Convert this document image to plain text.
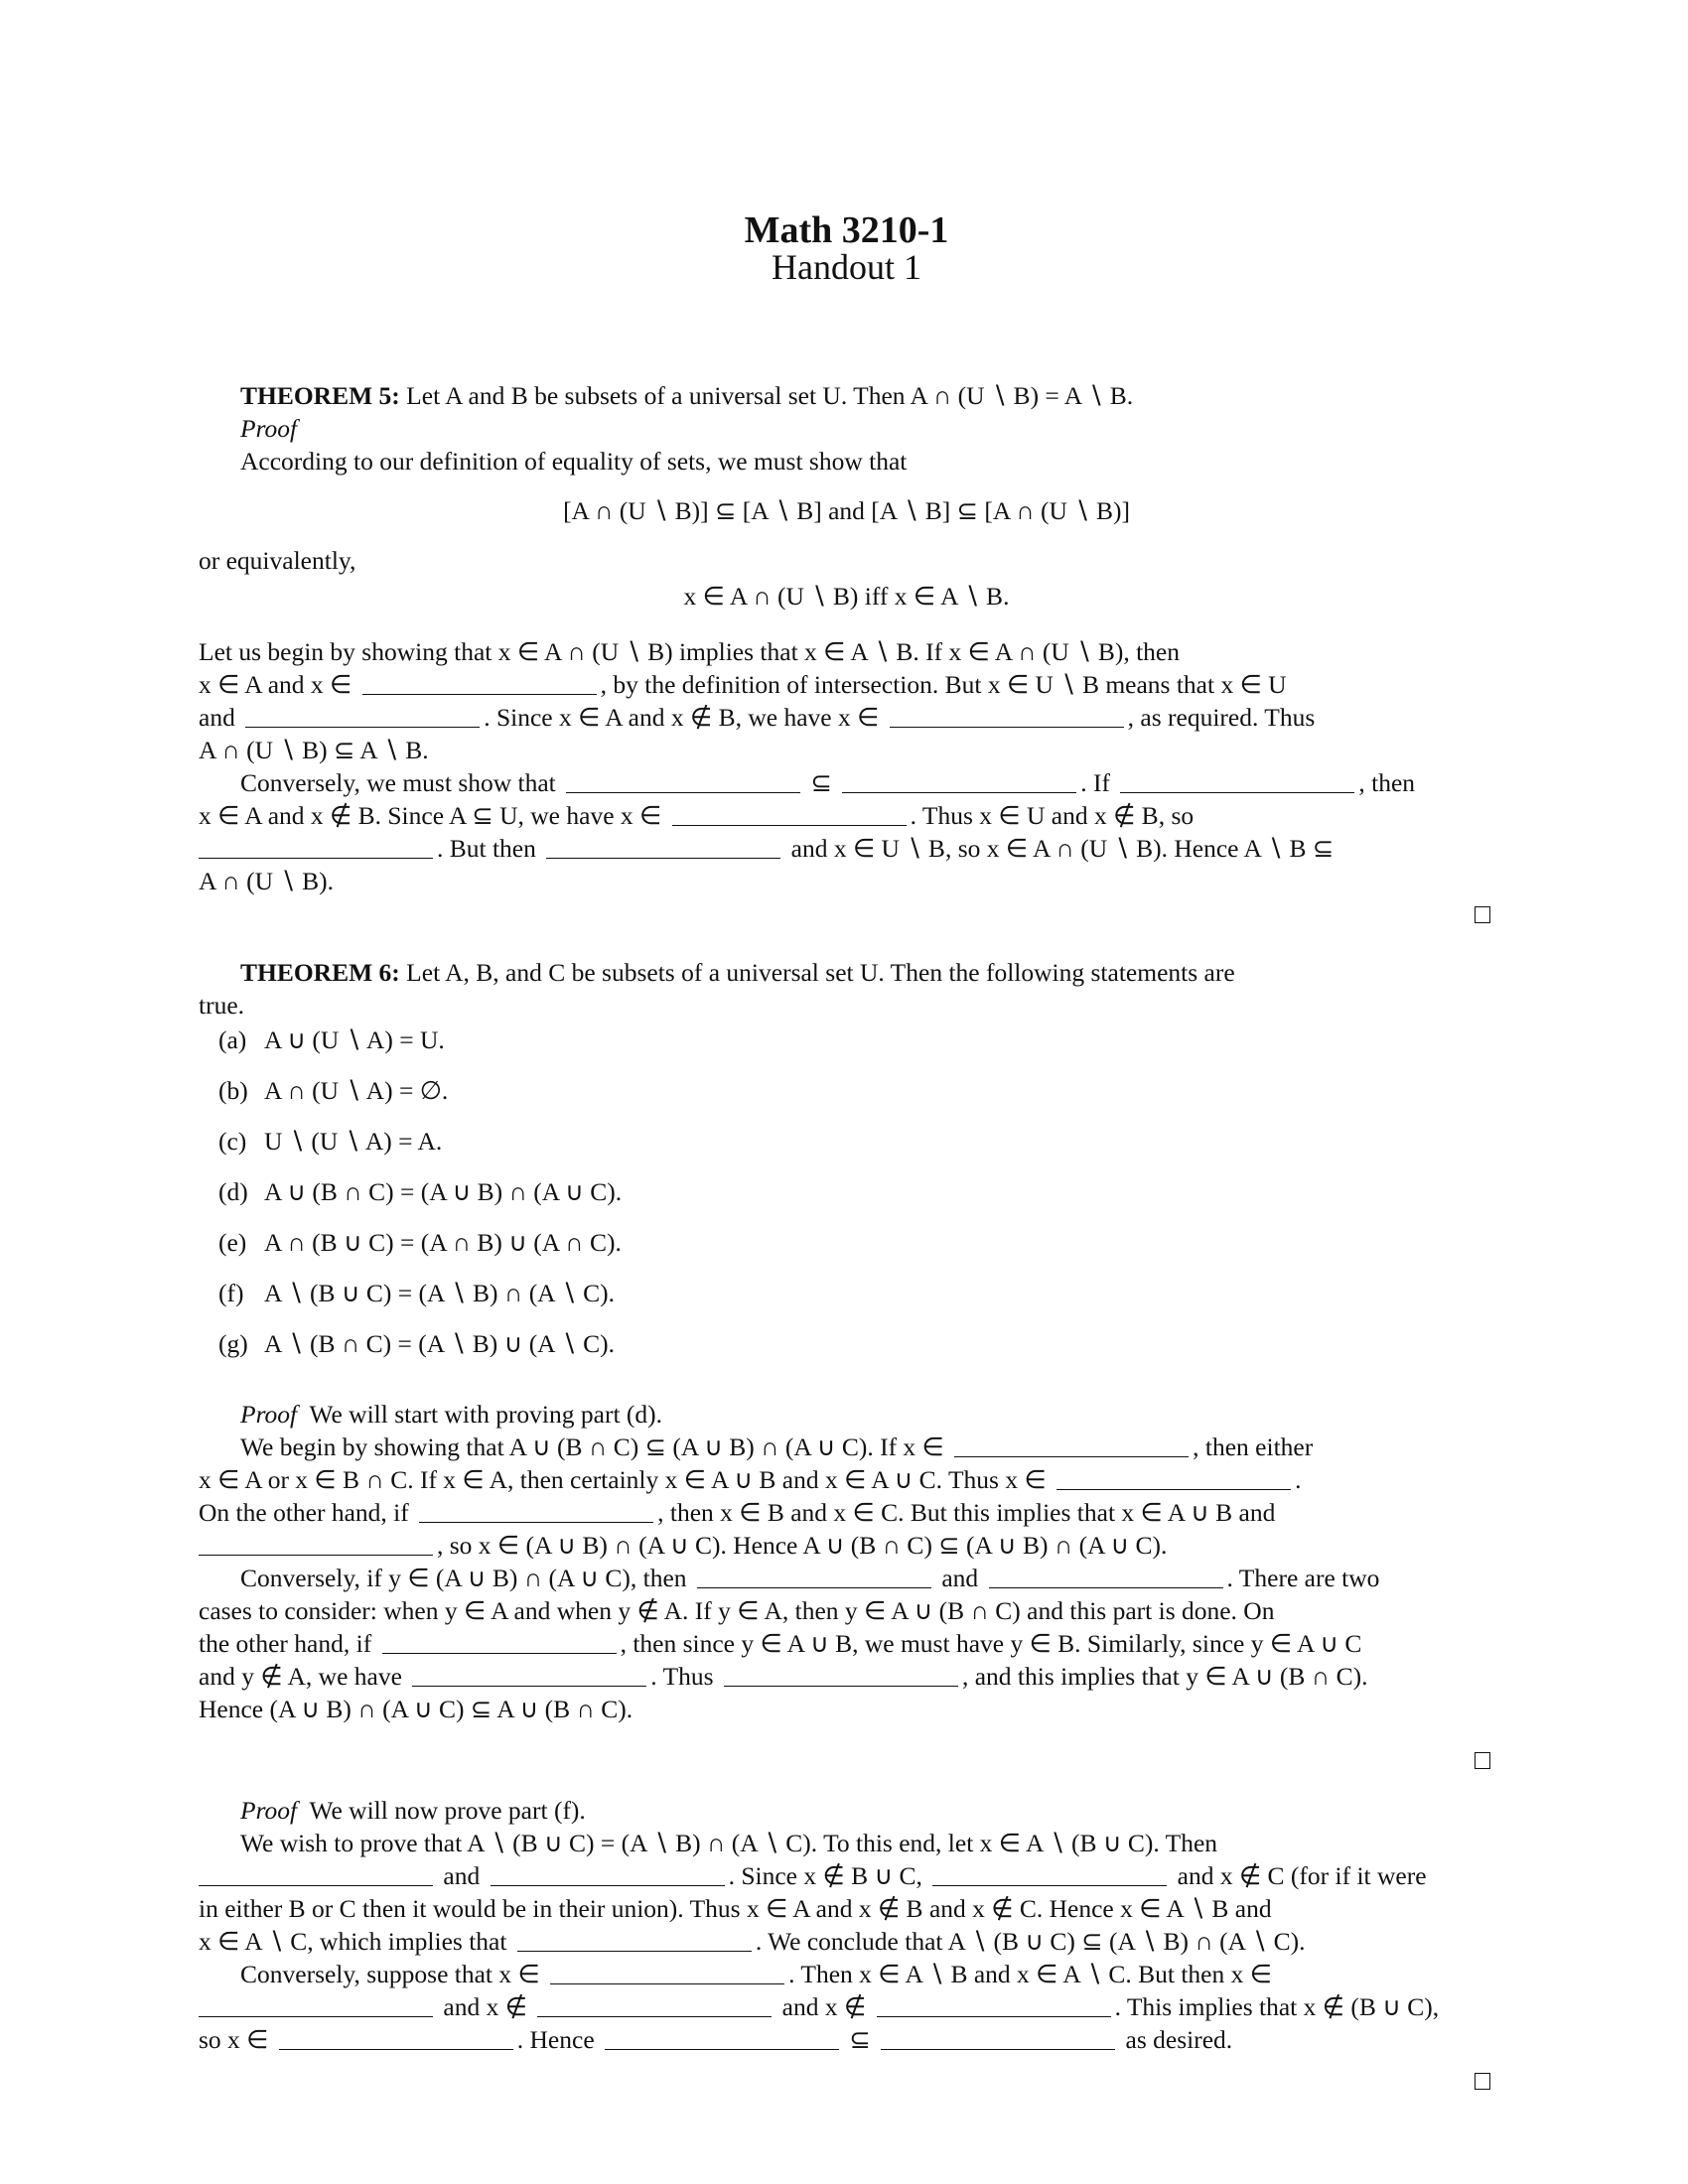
Math 3210-1
Handout 1
THEOREM 5: Let A and B be subsets of a universal set U. Then A ∩ (U ∖ B) = A ∖ B.
Proof
According to our definition of equality of sets, we must show that
[A ∩ (U ∖ B)] ⊆ [A ∖ B] and [A ∖ B] ⊆ [A ∩ (U ∖ B)]
or equivalently,
x ∈ A ∩ (U ∖ B) iff x ∈ A ∖ B.
Let us begin by showing that x ∈ A ∩ (U ∖ B) implies that x ∈ A ∖ B. If x ∈ A ∩ (U ∖ B), then
x ∈ A and x ∈	, by the definition of intersection. But x ∈ U ∖ B means that x ∈ U
and	. Since x ∈ A and x ∉ B, we have x ∈	, as required. Thus
A ∩ (U ∖ B) ⊆ A ∖ B.
Conversely, we must show that	⊆	. If	, then
x ∈ A and x ∉ B. Since A ⊆ U, we have x ∈	. Thus x ∈ U and x ∉ B, so
. But then	and x ∈ U ∖ B, so x ∈ A ∩ (U ∖ B). Hence A ∖ B ⊆
A ∩ (U ∖ B).
THEOREM 6: Let A, B, and C be subsets of a universal set U. Then the following statements are
true.
(a) A ∪ (U ∖ A) = U.
(b) A ∩ (U ∖ A) = ∅.
(c) U ∖ (U ∖ A) = A.
(d) A ∪ (B ∩ C) = (A ∪ B) ∩ (A ∪ C).
(e) A ∩ (B ∪ C) = (A ∩ B) ∪ (A ∩ C).
(f) A ∖ (B ∪ C) = (A ∖ B) ∩ (A ∖ C).
(g) A ∖ (B ∩ C) = (A ∖ B) ∪ (A ∖ C).
Proof We will start with proving part (d).
We begin by showing that A ∪ (B ∩ C) ⊆ (A ∪ B) ∩ (A ∪ C). If x ∈	, then either
x ∈ A or x ∈ B ∩ C. If x ∈ A, then certainly x ∈ A ∪ B and x ∈ A ∪ C. Thus x ∈	.
On the other hand, if	, then x ∈ B and x ∈ C. But this implies that x ∈ A ∪ B and
, so x ∈ (A ∪ B) ∩ (A ∪ C). Hence A ∪ (B ∩ C) ⊆ (A ∪ B) ∩ (A ∪ C).
Conversely, if y ∈ (A ∪ B) ∩ (A ∪ C), then	and	. There are two
cases to consider: when y ∈ A and when y ∉ A. If y ∈ A, then y ∈ A ∪ (B ∩ C) and this part is done. On
the other hand, if	, then since y ∈ A ∪ B, we must have y ∈ B. Similarly, since y ∈ A ∪ C
and y ∉ A, we have	. Thus	, and this implies that y ∈ A ∪ (B ∩ C).
Hence (A ∪ B) ∩ (A ∪ C) ⊆ A ∪ (B ∩ C).
Proof We will now prove part (f).
We wish to prove that A ∖ (B ∪ C) = (A ∖ B) ∩ (A ∖ C). To this end, let x ∈ A ∖ (B ∪ C). Then
and	. Since x ∉ B ∪ C,	and x ∉ C (for if it were
in either B or C then it would be in their union). Thus x ∈ A and x ∉ B and x ∉ C. Hence x ∈ A ∖ B and
x ∈ A ∖ C, which implies that	. We conclude that A ∖ (B ∪ C) ⊆ (A ∖ B) ∩ (A ∖ C).
Conversely, suppose that x ∈	. Then x ∈ A ∖ B and x ∈ A ∖ C. But then x ∈
and x ∉	and x ∉	. This implies that x ∉ (B ∪ C),
so x ∈	. Hence	⊆	as desired.
